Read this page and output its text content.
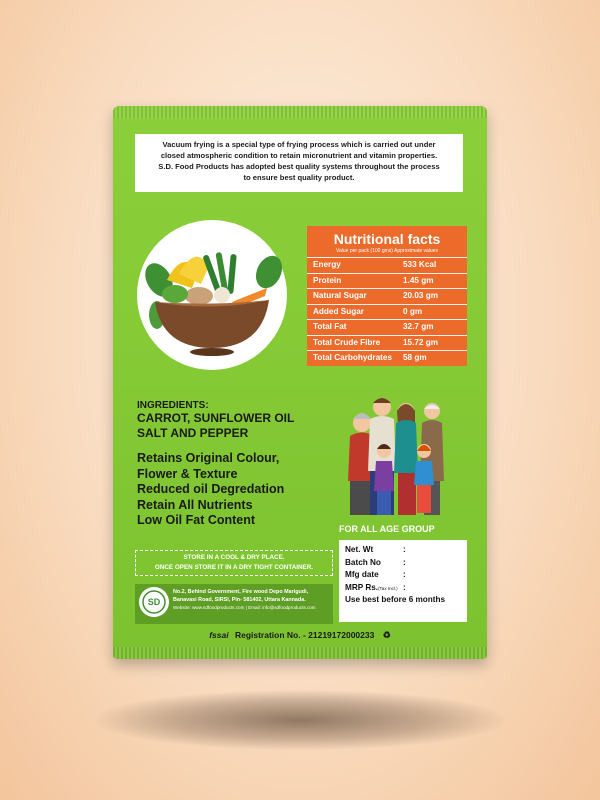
Vacuum frying is a special type of frying process which is carried out under
closed atmospheric condition to retain micronutrient and vitamin properties.
S.D. Food Products has adopted best quality systems throughout the process
to ensure best quality product.
Nutritional facts
Value per pack (100 gms) Approximate values
Energy	533 Kcal
Protein	1.45 gm
Natural Sugar	20.03 gm
Added Sugar	0 gm
Total Fat	32.7 gm
Total Crude Fibre	15.72 gm
Total Carbohydrates 58 gm
INGREDIENTS:
CARROT, SUNFLOWER OIL
SALT AND PEPPER
Retains Original Colour,
Flower & Texture
Reduced oil Degredation
Retain All Nutrients
Low Oil Fat Content
FOR ALL AGE GROUP
STORE IN A COOL & DRY PLACE.
ONCE OPEN STORE IT IN A DRY TIGHT CONTAINER.
SD
No.2, Behind Government, Fire wood Depo Marigudi,
Banavasi Road, SIRSI, Pin- 581402, Uttara Kannada.
Website: www.sdfoodproducts.com | Email: info@sdfoodproducts.com
Net. Wt	:
Batch No	:
Mfg date	:
MRP Rs.(Tax Incl.) :
Use best before 6 months
fssai Registration No. - 21219172000233 ♻
